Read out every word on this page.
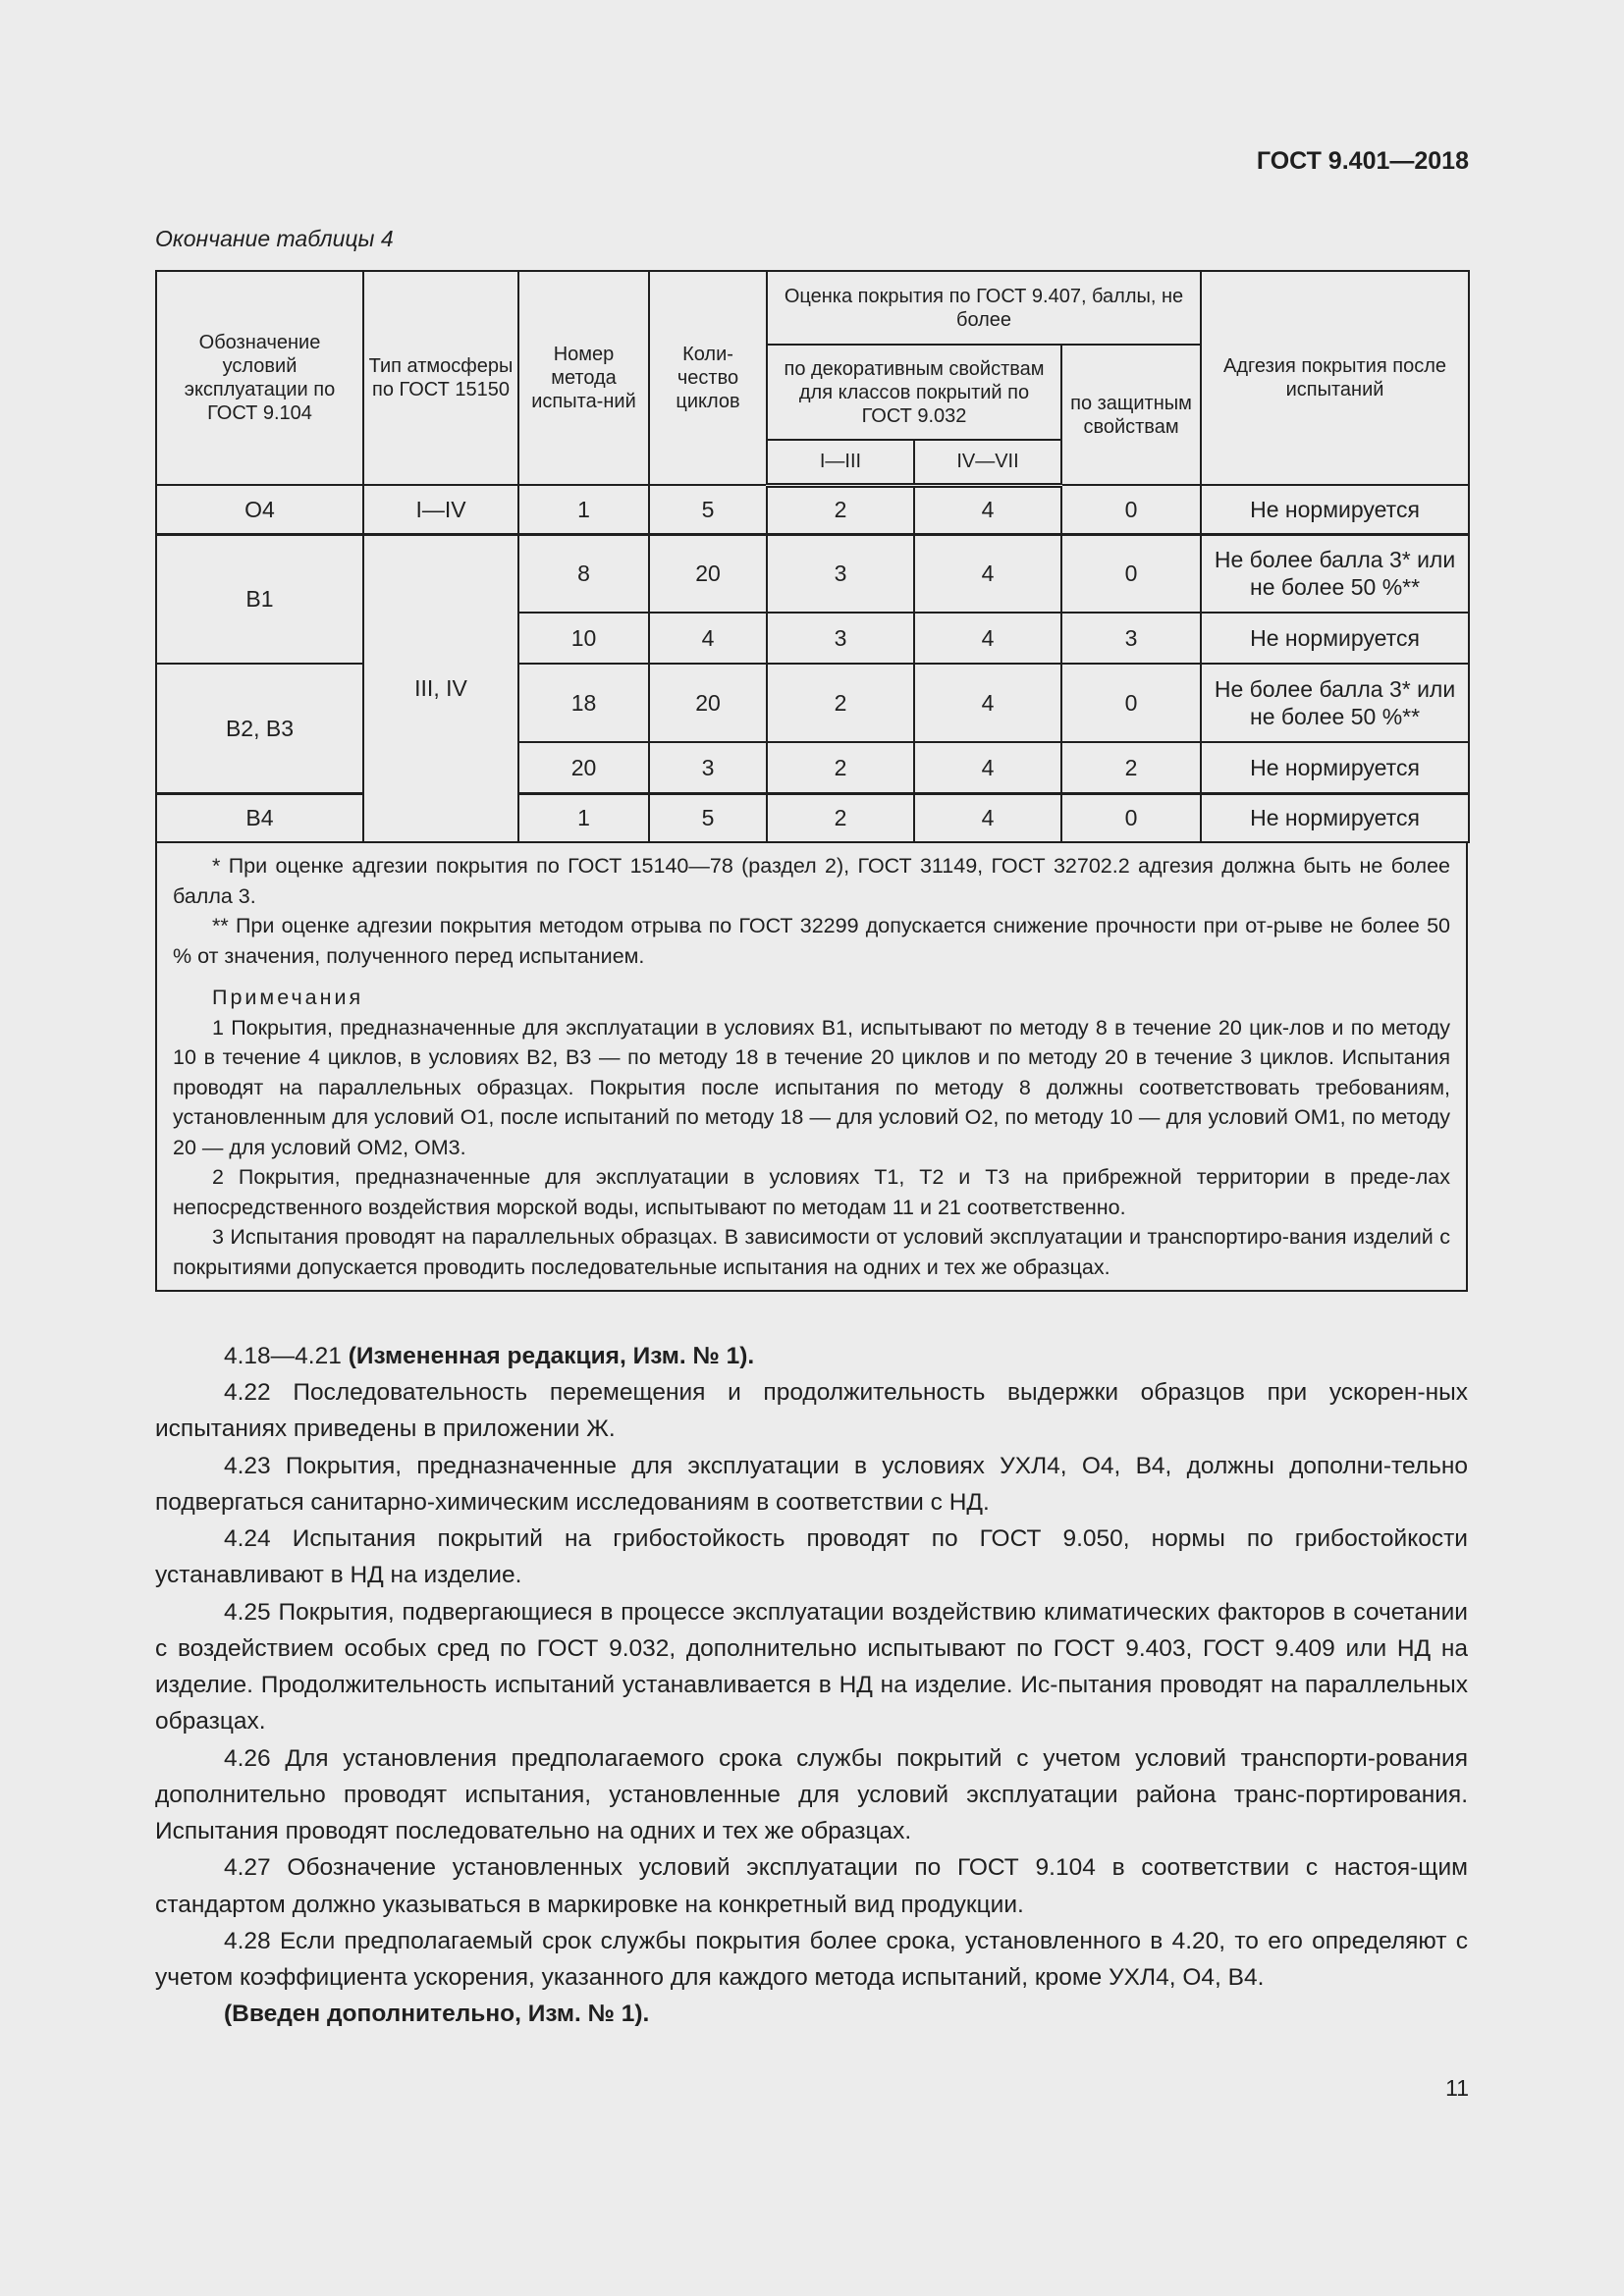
ГОСТ 9.401—2018
Окончание таблицы 4
Обозначение условий эксплуатации по ГОСТ 9.104	Тип атмосферы по ГОСТ 15150	Номер метода испыта-ний	Коли-чество циклов	Оценка покрытия по ГОСТ 9.407, баллы, не более			Адгезия покрытия после испытаний
				по декоративным свойствам для классов покрытий по ГОСТ 9.032		по защитным свойствам	
				I—III	IV—VII		
О4	I—IV	1	5	2	4	0	Не нормируется
В1	III, IV	8	20	3	4	0	Не более балла 3* или не более 50 %**
		10	4	3	4	3	Не нормируется
В2, В3		18	20	2	4	0	Не более балла 3* или не более 50 %**
		20	3	2	4	2	Не нормируется
В4		1	5	2	4	0	Не нормируется

* При оценке адгезии покрытия по ГОСТ 15140—78 (раздел 2), ГОСТ 31149, ГОСТ 32702.2 адгезия должна быть не более балла 3.

** При оценке адгезии покрытия методом отрыва по ГОСТ 32299 допускается снижение прочности при от-рыве не более 50 % от значения, полученного перед испытанием.

Примечания

1 Покрытия, предназначенные для эксплуатации в условиях В1, испытывают по методу 8 в течение 20 цик-лов и по методу 10 в течение 4 циклов, в условиях В2, В3 — по методу 18 в течение 20 циклов и по методу 20 в течение 3 циклов. Испытания проводят на параллельных образцах. Покрытия после испытания по методу 8 должны соответствовать требованиям, установленным для условий О1, после испытаний по методу 18 — для условий О2, по методу 10 — для условий ОМ1, по методу 20 — для условий ОМ2, ОМ3.

2 Покрытия, предназначенные для эксплуатации в условиях Т1, Т2 и Т3 на прибрежной территории в преде-лах непосредственного воздействия морской воды, испытывают по методам 11 и 21 соответственно.

3 Испытания проводят на параллельных образцах. В зависимости от условий эксплуатации и транспортиро-вания изделий с покрытиями допускается проводить последовательные испытания на одних и тех же образцах.

4.18—4.21 (Измененная редакция, Изм. № 1).

4.22 Последовательность перемещения и продолжительность выдержки образцов при ускорен-ных испытаниях приведены в приложении Ж.

4.23 Покрытия, предназначенные для эксплуатации в условиях УХЛ4, О4, В4, должны дополни-тельно подвергаться санитарно-химическим исследованиям в соответствии с НД.

4.24 Испытания покрытий на грибостойкость проводят по ГОСТ 9.050, нормы по грибостойкости устанавливают в НД на изделие.

4.25 Покрытия, подвергающиеся в процессе эксплуатации воздействию климатических факторов в сочетании с воздействием особых сред по ГОСТ 9.032, дополнительно испытывают по ГОСТ 9.403, ГОСТ 9.409 или НД на изделие. Продолжительность испытаний устанавливается в НД на изделие. Ис-пытания проводят на параллельных образцах.

4.26 Для установления предполагаемого срока службы покрытий с учетом условий транспорти-рования дополнительно проводят испытания, установленные для условий эксплуатации района транс-портирования. Испытания проводят последовательно на одних и тех же образцах.

4.27 Обозначение установленных условий эксплуатации по ГОСТ 9.104 в соответствии с настоя-щим стандартом должно указываться в маркировке на конкретный вид продукции.

4.28 Если предполагаемый срок службы покрытия более срока, установленного в 4.20, то его определяют с учетом коэффициента ускорения, указанного для каждого метода испытаний, кроме УХЛ4, О4, В4.

(Введен дополнительно, Изм. № 1).

11
